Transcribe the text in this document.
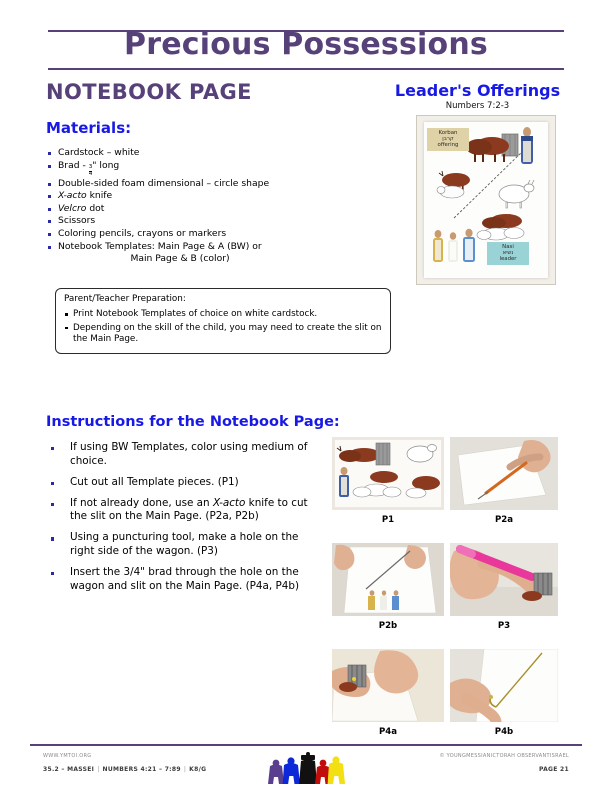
Precious Possessions
NOTEBOOK PAGE	Leader's Offerings
Numbers 7:2-3
Materials:
Cardstock – white
Brad -
$\frac{3}{4}$
" long
Double-sided foam dimensional – circle shape
X-acto knife
Velcro dot
Scissors
Coloring pencils, crayons or markers
Notebook Templates: Main Page & A (BW) or
Main Page & B (color)
Parent/Teacher Preparation:
Print Notebook Templates of choice on white cardstock.
Depending on the skill of the child, you may need to create the slit on the Main Page.
Instructions for the Notebook Page:
If using BW Templates, color using medium of choice.
Cut out all Template pieces. (P1)
If not already done, use an X-acto knife to cut the slit on the Main Page. (P2a, P2b)
Using a puncturing tool, make a hole on the right side of the wagon. (P3)
Insert the 3/4" brad through the hole on the wagon and slit on the Main Page. (P4a, P4b)
Korban
קרבן
offering
Nasi
נשיא
leader
P1	P2a
P2b	P3
P4a	P4b
WWW.YMTOI.ORG
35.2 – MASSEI | NUMBERS 4:21 – 7:89 | K8/G
© YOUNGMESSIANICTORAH OBSERVANTISRAEL
PAGE 21
